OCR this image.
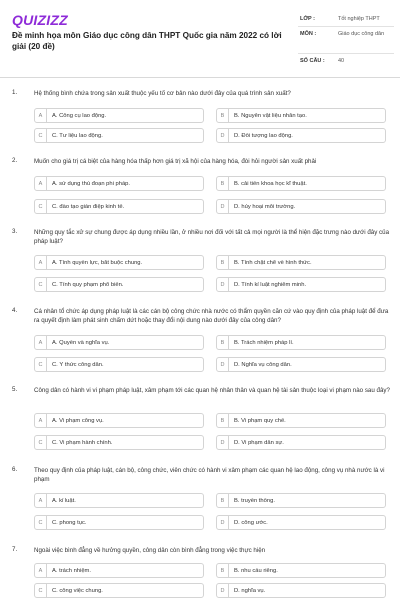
QUIZIZZ
Đề minh họa môn Giáo dục công dân THPT Quốc gia năm 2022 có lời giải (20 đề)
LỚP :	Tốt nghiệp THPT
MÔN :	Giáo dục công dân
SỐ CÂU :	40
1.	Hệ thống bình chứa trong sản xuất thuộc yếu tố cơ bản nào dưới đây của quá trình sản xuất?
A	A. Công cụ lao động.	B	B. Nguyên vật liệu nhân tạo.
C	C. Tư liệu lao động.	D	D. Đối tượng lao động.
2.	Muốn cho giá trị cá biệt của hàng hóa thấp hơn giá trị xã hội của hàng hóa, đòi hỏi người sản xuất phải
A	A. sử dụng thủ đoạn phi pháp.	B	B. cải tiến khoa học kĩ thuật.
C	C. đào tạo gián điệp kinh tế.	D	D. hủy hoại môi trường.
3.	Những quy tắc xử sự chung được áp dụng nhiều lần, ở nhiều nơi đối với tất cả mọi người là thể hiện đặc trưng nào dưới đây của pháp luật?
A	A. Tính quyền lực, bắt buộc chung.	B	B. Tính chặt chẽ về hình thức.
C	C. Tính quy phạm phổ biến.	D	D. Tính kỉ luật nghiêm minh.
4.	Cá nhân tổ chức áp dụng pháp luật là các cán bộ công chức nhà nước có thẩm quyền căn cứ vào quy định của pháp luật để đưa ra quyết định làm phát sinh chấm dứt hoặc thay đổi nội dung nào dưới đây của công dân?
A	A. Quyền và nghĩa vụ.	B	B. Trách nhiệm pháp lí.
C	C. Ý thức công dân.	D	D. Nghĩa vụ công dân.
5.	Công dân có hành vi vi phạm pháp luật, xâm phạm tới các quan hệ nhân thân và quan hệ tài sản thuộc loại vi phạm nào sau đây?
A	A. Vi phạm công vụ.	B	B. Vi phạm quy chế.
C	C. Vi phạm hành chính.	D	D. Vi phạm dân sự.
6.	Theo quy định của pháp luật, cán bộ, công chức, viên chức có hành vi xâm phạm các quan hệ lao động, công vụ nhà nước là vi phạm
A	A. kỉ luật.	B	B. truyền thống.
C	C. phong tục.	D	D. công ước.
7.	Ngoài việc bình đẳng về hưởng quyền, công dân còn bình đẳng trong việc thực hiện
A	A. trách nhiệm.	B	B. nhu cầu riêng.
C	C. công việc chung.	D	D. nghĩa vụ.
